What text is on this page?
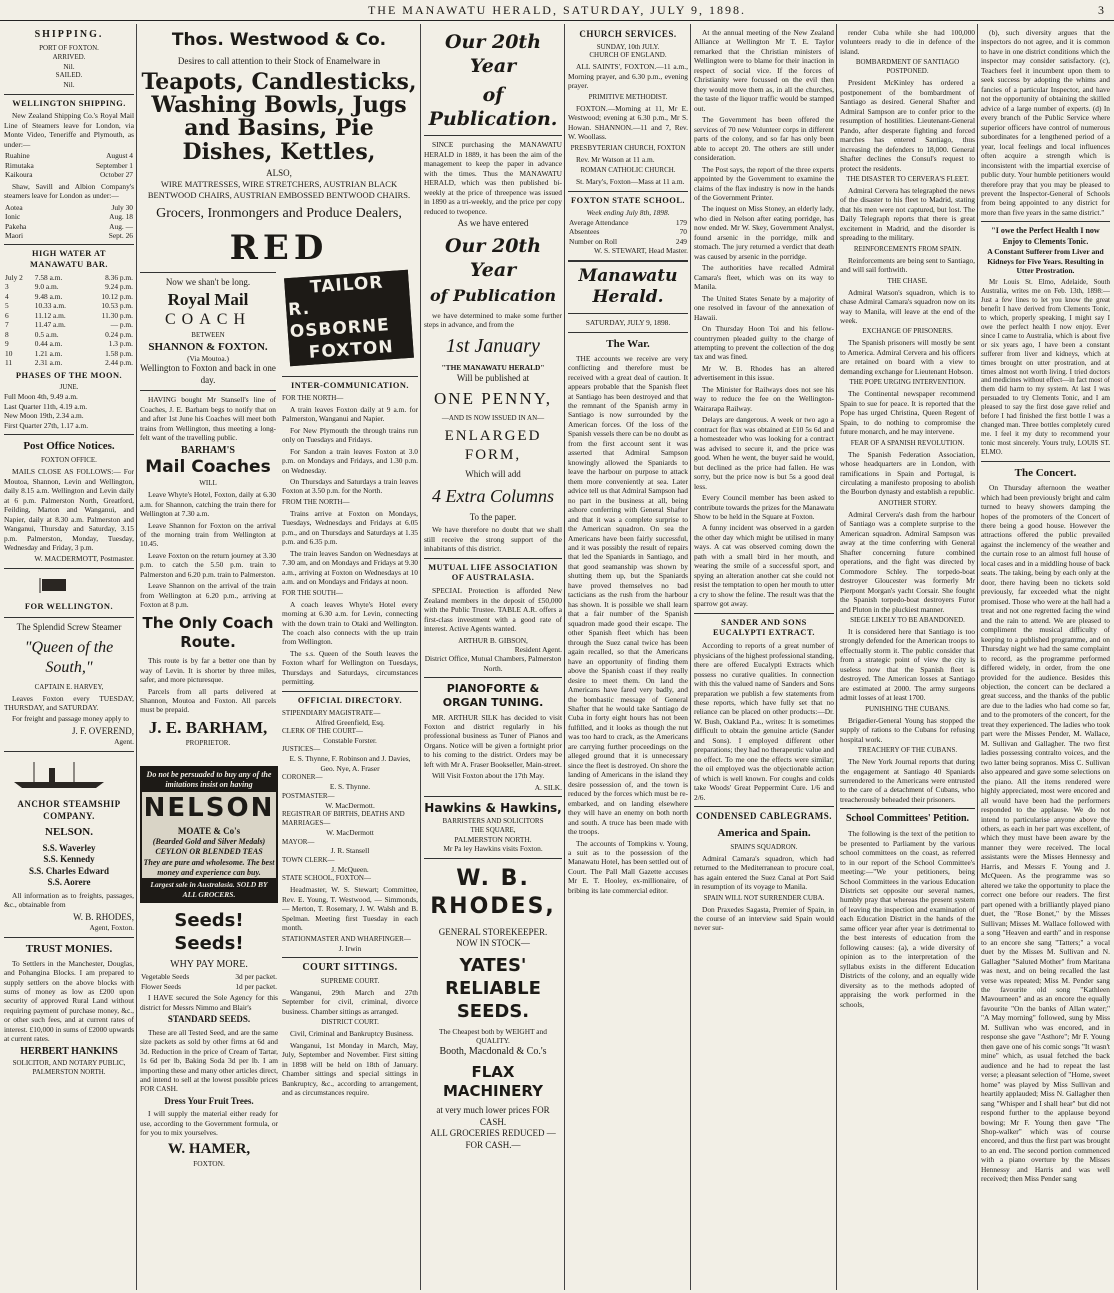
THE MANAWATU HERALD, SATURDAY, JULY 9, 1898.	3
SHIPPING.
PORT OF FOXTON.
ARRIVED.
Nil.
SAILED.
Nil.
WELLINGTON SHIPPING.

New Zealand Shipping Co.'s Royal Mail Line of Steamers leave for London, via Monte Video, Teneriffe and Plymouth, as under:—

Ruahine	August 4
Rimutaka	September 1
Kaikoura	October 27

Shaw, Savill and Albion Company's steamers leave for London as under:—

Aotea	July 30
Ionic	Aug. 18
Pakeha	Aug. —
Maori	Sept. 26
HIGH WATER AT MANAWATU BAR.
July 2	7.58 a.m.	8.36 p.m.
3	9.0 a.m.	9.24 p.m.
4	9.48 a.m.	10.12 p.m.
5	10.33 a.m.	10.53 p.m.
6	11.12 a.m.	11.30 p.m.
7	11.47 a.m.	— p.m.
8	0.5 a.m.	0.24 p.m.
9	0.44 a.m.	1.3 p.m.
10	1.21 a.m.	1.58 p.m.
11	2.31 a.m.	2.44 p.m.
PHASES OF THE MOON.
JUNE.
Full Moon 4th, 9.49 a.m.
Last Quarter 11th, 4.19 a.m.
New Moon 19th, 2.34 a.m.
First Quarter 27th, 1.17 a.m.
Post Office Notices.
FOXTON OFFICE.

MAILS CLOSE AS FOLLOWS:— For Moutoa, Shannon, Levin and Wellington, daily 8.15 a.m. Wellington and Levin daily at 6 p.m. Palmerston North, Greatford, Feilding, Marton and Wanganui, and Napier, daily at 8.30 a.m. Palmerston and Wanganui, Thursday and Saturday, 3.15 p.m. Palmerston, Monday, Tuesday, Wednesday and Friday, 3 p.m.

W. MACDERMOTT, Postmaster.
FOR WELLINGTON.
The Splendid Screw Steamer
"Queen of the South,"
CAPTAIN E. HARVEY,

Leaves Foxton every TUESDAY, THURSDAY, and SATURDAY.

For freight and passage money apply to

J. F. OVEREND,
Agent.
ANCHOR STEAMSHIP COMPANY.
NELSON.
S.S. Waverley
S.S. Kennedy
S.S. Charles Edward
S.S. Aorere

All information as to freights, passages, &c., obtainable from

W. B. RHODES,
Agent, Foxton.
TRUST MONIES.

To Settlers in the Manchester, Douglas, and Pohangina Blocks. I am prepared to supply settlers on the above blocks with sums of money as low as £200 upon security of approved Rural Land without requiring payment of purchase money, &c., or other such fees, and at current rates of interest. £10,000 in sums of £2000 upwards at current rates.

HERBERT HANKINS
SOLICITOR, AND NOTARY PUBLIC, PALMERSTON NORTH.
Thos. Westwood & Co.
Desires to call attention to their Stock of Enamelware in
Teapots, Candlesticks, Washing Bowls, Jugs and Basins, Pie Dishes, Kettles,
ALSO,
WIRE MATTRESSES, WIRE STRETCHERS, AUSTRIAN BLACK BENTWOOD CHAIRS, AUSTRIAN EMBOSSED BENTWOOD CHAIRS.
Grocers, Ironmongers and Produce Dealers,
RED
Now we shan't be long.
Royal Mail
COACH
BETWEEN
SHANNON & FOXTON.
(Via Moutoa.)
Wellington to Foxton and back in one day.

HAVING bought Mr Stansell's line of Coaches, J. E. Barham begs to notify that on and after 1st June his Coaches will meet both trains from Wellington, thus meeting a long-felt want of the travelling public.

BARHAM'S
Mail Coaches
WILL

Leave Whyte's Hotel, Foxton, daily at 6.30 a.m. for Shannon, catching the train there for Wellington at 7.30 a.m.

Leave Shannon for Foxton on the arrival of the morning train from Wellington at 10.45.

Leave Foxton on the return journey at 3.30 p.m. to catch the 5.50 p.m. train to Palmerston and 6.20 p.m. train to Palmerston.

Leave Shannon on the arrival of the train from Wellington at 6.20 p.m., arriving at Foxton at 8 p.m.

The Only Coach Route.

This route is by far a better one than by way of Levin. It is shorter by three miles, safer, and more picturesque.

Parcels from all parts delivered at Shannon, Moutoa and Foxton. All parcels must be prepaid.

J. E. BARHAM,
PROPRIETOR.
TAILOR
R. OSBORNE
FOXTON
INTER-COMMUNICATION.
FOR THE NORTH—

A train leaves Foxton daily at 9 a.m. for Palmerston, Wanganui and Napier.

For New Plymouth the through trains run only on Tuesdays and Fridays.

For Sandon a train leaves Foxton at 3.0 p.m. on Mondays and Fridays, and 1.30 p.m. on Wednesday.

On Thursdays and Saturdays a train leaves Foxton at 3.50 p.m. for the North.

FROM THE NORTH—

Trains arrive at Foxton on Mondays, Tuesdays, Wednesdays and Fridays at 6.05 p.m., and on Thursdays and Saturdays at 1.35 p.m. and 6.35 p.m.

The train leaves Sandon on Wednesdays at 7.30 am, and on Mondays and Fridays at 9.30 a.m., arriving at Foxton on Wednesdays at 10 a.m. and on Mondays and Fridays at noon.

FOR THE SOUTH—

A coach leaves Whyte's Hotel every morning at 6.30 a.m. for Levin, connecting with the down train to Otaki and Wellington. The coach also connects with the up train from Wellington.

The s.s. Queen of the South leaves the Foxton wharf for Wellington on Tuesdays, Thursdays and Saturdays, circumstances permitting.

OFFICIAL DIRECTORY.
STIPENDIARY MAGISTRATE—
Alfred Greenfield, Esq.
CLERK OF THE COURT—
Constable Forster.
JUSTICES—
E. S. Thynne, F. Robinson and J. Davies, Geo. Nye, A. Fraser
CORONER—
E. S. Thynne.
POSTMASTER—
W. MacDermott.
REGISTRAR OF BIRTHS, DEATHS AND MARRIAGES—
W. MacDermott
MAYOR—
J. R. Stansell
TOWN CLERK—
J. McQueen.
STATE SCHOOL, FOXTON—

Headmaster, W. S. Stewart; Committee, Rev. E. Young, T. Westwood, — Simmonds, — Merton, T. Rosemary, J. W. Walsh and B. Spelman. Meeting first Tuesday in each month.

STATIONMASTER AND WHARFINGER—
J. Irwin
COURT SITTINGS.
SUPREME COURT.

Wanganui, 29th March and 27th September for civil, criminal, divorce business. Chamber sittings as arranged.

DISTRICT COURT.

Civil, Criminal and Bankruptcy Business.

Wanganui, 1st Monday in March, May, July, September and November. First sitting in 1898 will be held on 18th of January. Chamber sittings and special sittings in Bankruptcy, &c., according to arrangement, and as circumstances require.

Do not be persuaded to buy any of the imitations insist on having
NELSON
MOATE & Co's
(Bearded Gold and Silver Medals) CEYLON OR BLENDED TEAS
They are pure and wholesome. The best money and experience can buy.
Largest sale in Australasia. SOLD BY ALL GROCERS.
Seeds! Seeds!
WHY PAY MORE.
Vegetable Seeds	3d per packet.
Flower Seeds	1d per packet.

I HAVE secured the Sole Agency for this district for Messrs Nimmo and Blair's

STANDARD SEEDS.

These are all Tested Seed, and are the same size packets as sold by other firms at 6d and 3d. Reduction in the price of Cream of Tartar, 1s 6d per lb, Baking Soda 3d per lb. I am importing these and many other articles direct, and intend to sell at the lowest possible prices FOR CASH.

Dress Your Fruit Trees.

I will supply the material either ready for use, according to the Government formula, or for you to mix yourselves.

W. HAMER,
FOXTON.
Our 20th Year
of Publication.

SINCE purchasing the MANAWATU HERALD in 1889, it has been the aim of the management to keep the paper in advance with the times. Thus the MANAWATU HERALD, which was then published bi-weekly at the price of threepence was issued in 1890 as a tri-weekly, and the price per copy reduced to twopence.

As we have entered
Our 20th Year
of Publication

we have determined to make some further steps in advance, and from the

1st January
"THE MANAWATU HERALD"
Will be published at
ONE PENNY,
—AND IS NOW ISSUED IN AN—
ENLARGED FORM,
Which will add
4 Extra Columns
To the paper.

We have therefore no doubt that we shall still receive the strong support of the inhabitants of this district.

MUTUAL LIFE ASSOCIATION OF AUSTRALASIA.

SPECIAL Protection is afforded New Zealand members in the deposit of £50,000 with the Public Trustee. TABLE A.R. offers a first-class investment with a good rate of interest. Active Agents wanted.

ARTHUR B. GIBSON,
Resident Agent.
District Office, Mutual Chambers, Palmerston North.
PIANOFORTE & ORGAN TUNING.

MR. ARTHUR SILK has decided to visit Foxton and district regularly in his professional business as Tuner of Pianos and Organs. Notice will be given a fortnight prior to his coming to the district. Orders may be left with Mr A. Fraser Bookseller, Main-street.

Will Visit Foxton about the 17th May.

A. SILK.
Hawkins & Hawkins,
BARRISTERS AND SOLICITORS
THE SQUARE,
PALMERSTON NORTH.
Mr Pa ley Hawkins visits Foxton.
W. B. RHODES,
GENERAL STOREKEEPER.
NOW IN STOCK—
YATES' RELIABLE SEEDS.
The Cheapest both by WEIGHT and QUALITY.
Booth, Macdonald & Co.'s
FLAX MACHINERY
at very much lower prices FOR CASH.
ALL GROCERIES REDUCED —FOR CASH.—
CHURCH SERVICES.
SUNDAY, 10th JULY.
CHURCH OF ENGLAND.

ALL SAINTS', FOXTON.—11 a.m., Morning prayer, and 6.30 p.m., evening prayer.

PRIMITIVE METHODIST.

FOXTON.—Morning at 11, Mr E. Westwood; evening at 6.30 p.m., Mr S. Howan. SHANNON.—11 and 7, Rev. W. Woollass.

PRESBYTERIAN CHURCH, FOXTON

Rev. Mr Watson at 11 a.m.

ROMAN CATHOLIC CHURCH.

St. Mary's, Foxton—Mass at 11 a.m.

FOXTON STATE SCHOOL.
Week ending July 8th, 1898.
Average Attendance	179
Absentees	70
Number on Roll	249
W. S. STEWART, Head Master.
Manawatu Herald.
SATURDAY, JULY 9, 1898.
The War.

THE accounts we receive are very conflicting and therefore must be received with a great deal of caution. It appears probable that the Spanish fleet at Santiago has been destroyed and that the remnant of the Spanish army in Santiago is now surrounded by the American forces. Of the loss of the Spanish vessels there can be no doubt as from the first account sent it was asserted that Admiral Sampson knowingly allowed the Spaniards to leave the harbour on purpose to attack them more conveniently at sea. Later advice tell us that Admiral Sampson had no part in the business at all, being ashore conferring with General Shafter and that it was a complete surprise to the American squadron. On sea the Americans have been fairly successful, and it was possibly the result of repairs that led the Spaniards in Santiago, and that good seamanship was shown by shutting them up, but the Spaniards have proved themselves no bad tacticians as the rush from the harbour has shown. It is possible we shall learn that a fair number of the Spanish squadron made good their escape. The other Spanish fleet which has been through the Suez canal twice has been again recalled, so that the Americans have an opportunity of finding them above the Spanish coast if they really desire to meet them. On land the Americans have fared very badly, and the bombastic message of General Shafter that he would take Santiago de Cuba in forty eight hours has not been fulfilled, and it looks as though the nut was too hard to crack, as the Americans are carrying further proceedings on the alleged ground that it is unnecessary since the fleet is destroyed. On shore the landing of Americans in the island they desire possession of, and the town is reduced by the forces which must be re-embarked, and on landing elsewhere they will have an enemy on both north and south. A truce has been made with the troops.

The accounts of Tompkins v. Young, a suit as to the possession of the Manawatu Hotel, has been settled out of Court. The Pall Mall Gazette accuses Mr E. T. Hooley, ex-millionaire, of bribing its late commercial editor.

At the annual meeting of the New Zealand Alliance at Wellington Mr T. E. Taylor remarked that the Christian ministers of Wellington were to blame for their inaction in respect of social vice. If the forces of Christianity were focussed on the evil then they would move them as, in all the churches, the taste of the liquor traffic would be stamped out.

The Government has been offered the services of 70 new Volunteer corps in different parts of the colony, and so far has only been able to accept 20. The others are still under consideration.

The Post says, the report of the three experts appointed by the Government to examine the claims of the flax industry is now in the hands of the Government Printer.

The inquest on Miss Stoney, an elderly lady, who died in Nelson after eating porridge, has now ended. Mr W. Skey, Government Analyst, found arsenic in the porridge, milk and stomach. The jury returned a verdict that death was caused by arsenic in the porridge.

The authorities have recalled Admiral Camara's fleet, which was on its way to Manila.

The United States Senate by a majority of one resolved in favour of the annexation of Hawaii.

On Thursday Hoon Toi and his fellow-countrymen pleaded guilty to the charge of attempting to prevent the collection of the dog tax and was fined.

Mr W. B. Rhodes has an altered advertisement in this issue.

The Minister for Railways does not see his way to reduce the fee on the Wellington-Wairarapa Railway.

Delays are dangerous. A week or two ago a contract for flax was obtained at £10 5s 6d and a homesteader who was looking for a contract was advised to secure it, and the price was good. When he went, the buyer said he would, but declined as the price had fallen. He was sorry, but the price now is but 5s a good deal less.

Every Council member has been asked to contribute towards the prizes for the Manawatu Show to be held in the Square at Foxton.

A funny incident was observed in a garden the other day which might be utilised in many ways. A cat was observed coming down the path with a small bird in her mouth, and wearing the smile of a successful sport, and spying an alteration another cat she could not resist the temptation to open her mouth to utter a cry to show the feline. The result was that the sparrow got away.

SANDER AND SONS EUCALYPTI EXTRACT.

According to reports of a great number of physicians of the highest professional standing, there are offered Eucalypti Extracts which possess no curative qualities. In connection with this the valued name of Sanders and Sons preparation we publish a few statements from these reports, which have fully set that no reliance can be placed on other products:—Dr. W. Bush, Oakland P.a., writes: It is sometimes difficult to obtain the genuine article (Sander and Sons). I employed different other preparations; they had no therapeutic value and no effect. To me one the effects were similar; the oil employed was the objectionable action of which is well known. For coughs and colds take Woods' Great Peppermint Cure. 1/6 and 2/6.

CONDENSED CABLEGRAMS.
America and Spain.
SPAIN'S SQUADRON.

Admiral Camara's squadron, which had returned to the Mediterranean to procure coal, has again entered the Suez Canal at Port Said in resumption of its voyage to Manila.

SPAIN WILL NOT SURRENDER CUBA.

Don Praxedes Sagasta, Premier of Spain, in the course of an interview said Spain would never sur-

render Cuba while she had 100,000 volunteers ready to die in defence of the island.

BOMBARDMENT OF SANTIAGO POSTPONED.

President McKinley has ordered a postponement of the bombardment of Santiago as desired. General Shafter and Admiral Sampson are to confer prior to the resumption of hostilities. Lieutenant-General Pando, after desperate fighting and forced marches has entered Santiago, thus increasing the defenders to 18,000. General Shafter declines the Consul's request to protect the residents.

THE DISASTER TO CERVERA'S FLEET.

Admiral Cervera has telegraphed the news of the disaster to his fleet to Madrid, stating that his men were not captured, but lost. The Daily Telegraph reports that there is great excitement in Madrid, and the disorder is spreading to the military.

REINFORCEMENTS FROM SPAIN.

Reinforcements are being sent to Santiago, and will sail forthwith.

THE CHASE.

Admiral Watson's squadron, which is to chase Admiral Camara's squadron now on its way to Manila, will leave at the end of the week.

EXCHANGE OF PRISONERS.

The Spanish prisoners will mostly be sent to America. Admiral Cervera and his officers are retained on board with a view to demanding exchange for Lieutenant Hobson.

THE POPE URGING INTERVENTION.

The Continental newspaper recommend Spain to sue for peace. It is reported that the Pope has urged Christina, Queen Regent of Spain, to do nothing to compromise the future monarch, and he may intervene.

FEAR OF A SPANISH REVOLUTION.

The Spanish Federation Association, whose headquarters are in London, with ramifications in Spain and Portugal, is circulating a manifesto proposing to abolish the Bourbon dynasty and establish a republic.

ANOTHER STORY.

Admiral Cervera's dash from the harbour of Santiago was a complete surprise to the American squadron. Admiral Sampson was away at the time conferring with General Shafter concerning future combined operations, and the fight was directed by Commodore Schley. The torpedo-boat destroyer Gloucester was formerly Mr Pierpont Morgan's yacht Corsair. She fought the Spanish torpedo-boat destroyers Furor and Pluton in the pluckiest manner.

SIEGE LIKELY TO BE ABANDONED.

It is considered here that Santiago is too strongly defended for the American troops to effectually storm it. The public consider that from a strategic point of view the city is useless now that the Spanish fleet is destroyed. The American losses at Santiago are estimated at 2000. The army surgeons admit losses of at least 1700.

PUNISHING THE CUBANS.

Brigadier-General Young has stopped the supply of rations to the Cubans for refusing hospital work.

TREACHERY OF THE CUBANS.

The New York Journal reports that during the engagement at Santiago 40 Spaniards surrendered to the Americans were entrusted to the care of a detachment of Cubans, who treacherously beheaded their prisoners.

School Committees' Petition.

The following is the text of the petition to be presented to Parliament by the various school committees on the coast, as referred to in our report of the School Committee's meeting:—"We your petitioners, being School Committees in the various Education Districts set opposite our several names, humbly pray that whereas the present system of leaving the inspection and examination of each Education District in the hands of the same officer year after year is detrimental to the best interests of education from the following causes: (a), a wide diversity of opinion as to the interpretation of the syllabus exists in the different Education Districts of the colony, and an equally wide diversity as to the methods adopted of appraising the work performed in the schools,

(b), such diversity argues that the inspectors do not agree, and it is common to have in one district conditions which the inspector may consider satisfactory. (c), Teachers feel it incumbent upon them to seek success by adopting the whims and fancies of a particular Inspector, and have not the opportunity of obtaining the skilled advice of a large number of experts. (d) In every branch of the Public Service where superior officers have control of numerous subordinates for a lengthened period of a year, local feelings and local influences often acquire a strength which is inconsistent with the impartial exercise of public duty. Your humble petitioners would therefore pray that you may be pleased to prevent the Inspector-General of Schools from being appointed to any district for more than five years in the same district."

"I owe the Perfect Health I now Enjoy to Clements Tonic.
A Constant Sufferer from Liver and Kidneys for Five Years. Resulting in Utter Prostration.

Mr Louis St. Elmo, Adelaide, South Australia, writes me on Feb. 13th, 1898:—Just a few lines to let you know the great benefit I have derived from Clements Tonic, to which, properly speaking, I might say I owe the perfect health I now enjoy. Ever since I came to Australia, which is about five or six years ago, I have been a constant sufferer from liver and kidneys, which at times brought on utter prostration, and at times almost not worth living. I tried doctors and medicines without effect—in fact most of them did harm to my system. At last I was persuaded to try Clements Tonic, and I am pleased to say the first dose gave relief and before I had finished the first bottle I was a changed man. Three bottles completely cured me. I feel it my duty to recommend your tonic most sincerely. Yours truly, LOUIS ST. ELMO.

The Concert.

On Thursday afternoon the weather which had been previously bright and calm turned to heavy showers damping the hopes of the promoters of the Concert of there being a good house. However the attractions offered the public prevailed against the inclemency of the weather and the curtain rose to an almost full house of local cases and in a middling house of back seats. The taking, being by each only at the door, there having been no tickets sold previously, far exceeded what the night promised. Those who were at the hall had a treat and not one regretted facing the wind and the rain to attend. We are pleased to compliment the musical difficulty of keeping to a published programme, and on Thursday night we had the same complaint to record, as the programme performed differed widely, in order, from the one provided for the audience. Besides this objection, the concert can be declared a great success, and the thanks of the public are due to the ladies who had come so far, and to the promoters of the concert, for the treat they experienced. The ladies who took part were the Misses Pender, M. Wallace, M. Sullivan and Gallagher. The two first ladies possessing contralto voices, and the two latter being sopranos. Miss C. Sullivan also appeared and gave some selections on the piano. All the items rendered were highly appreciated, most were encored and all would have been had the performers responded to the applause. We do not intend to particularise anyone above the others, as each in her part was excellent, of which they must have been aware by the manner they were received. The local assistants were the Misses Hennessy and Harris, and Messrs F. Young and J. McQueen. As the programme was so altered we take the opportunity to place the correct one before our readers. The first part opened with a brilliantly played piano duet, the "Rose Bonet," by the Misses Sullivan; Misses M. Wallace followed with a song "Heaven and earth" and in response to an encore she sang "Tatters;" a vocal duet by the Misses M. Sullivan and N. Gallagher "Saluted Mother" from Maritana was next, and on being recalled the last verse was repeated; Miss M. Pender sang the favourite old song "Kathleen Mavourneen" and as an encore the equally favourite "On the banks of Allan water;" "A May morning" followed, sung by Miss M. Sullivan who was encored, and in response she gave "Asthore"; Mr F. Young then gave one of his comic songs "It wasn't mine" which, as usual fetched the back audience and he had to repeat the last verse; a pleasant selection of "Home, sweet home" was played by Miss Sullivan and heartily applauded; Miss N. Gallagher then sang "Whisper and I shall hear" but did not respond further to the applause beyond bowing; Mr F. Young then gave "The Shop-walker" which was of course encored, and thus the first part was brought to an end. The second portion commenced with a piano overture by the Misses Hennessy and Harris and was well received; then Miss Pender sang
